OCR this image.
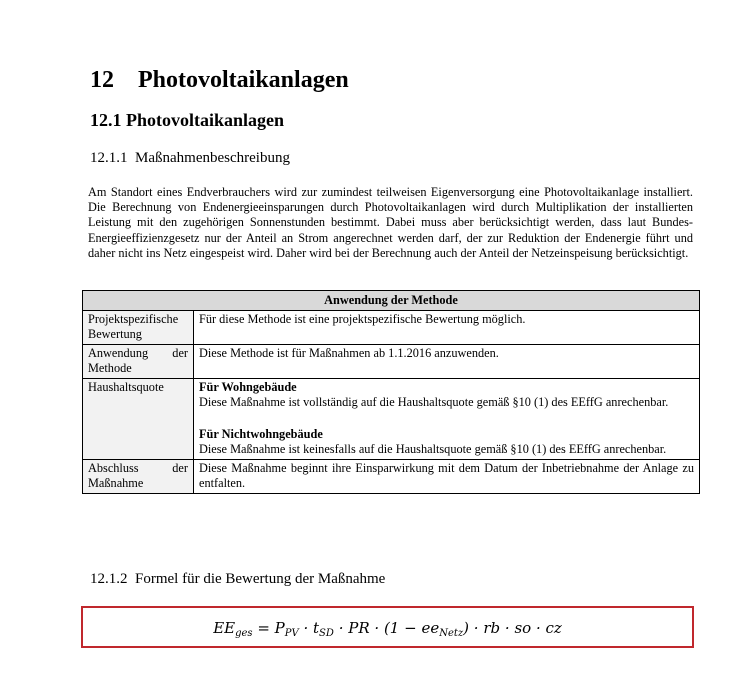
12 Photovoltaikanlagen
12.1 Photovoltaikanlagen
12.1.1 Maßnahmenbeschreibung
Am Standort eines Endverbrauchers wird zur zumindest teilweisen Eigenversorgung eine Photovoltaikanlage installiert. Die Berechnung von Endenergieeinsparungen durch Photovoltaikanlagen wird durch Multiplikation der installierten Leistung mit den zugehörigen Sonnenstunden bestimmt. Dabei muss aber berücksichtigt werden, dass laut Bundes-Energieeffizienzgesetz nur der Anteil an Strom angerechnet werden darf, der zur Reduktion der Endenergie führt und daher nicht ins Netz eingespeist wird. Daher wird bei der Berechnung auch der Anteil der Netzeinspeisung berücksichtigt.
Anwendung der Methode	
Projektspezifische Bewertung	Für diese Methode ist eine projektspezifische Bewertung möglich.
Anwendung der Methode	Diese Methode ist für Maßnahmen ab 1.1.2016 anzuwenden.
Haushaltsquote	Für Wohngebäude
Diese Maßnahme ist vollständig auf die Haushaltsquote gemäß §10 (1) des EEffG anrechenbar.
Für Nichtwohngebäude
Diese Maßnahme ist keinesfalls auf die Haushaltsquote gemäß §10 (1) des EEffG anrechenbar.

Abschluss der Maßnahme	Diese Maßnahme beginnt ihre Einsparwirkung mit dem Datum der Inbetriebnahme der Anlage zu entfalten.
12.1.2 Formel für die Bewertung der Maßnahme
$EE_{ges} = P_{PV} \cdot t_{SD}$ · PR · $(1 - ee_{Netz})$ · rb · so · cz
